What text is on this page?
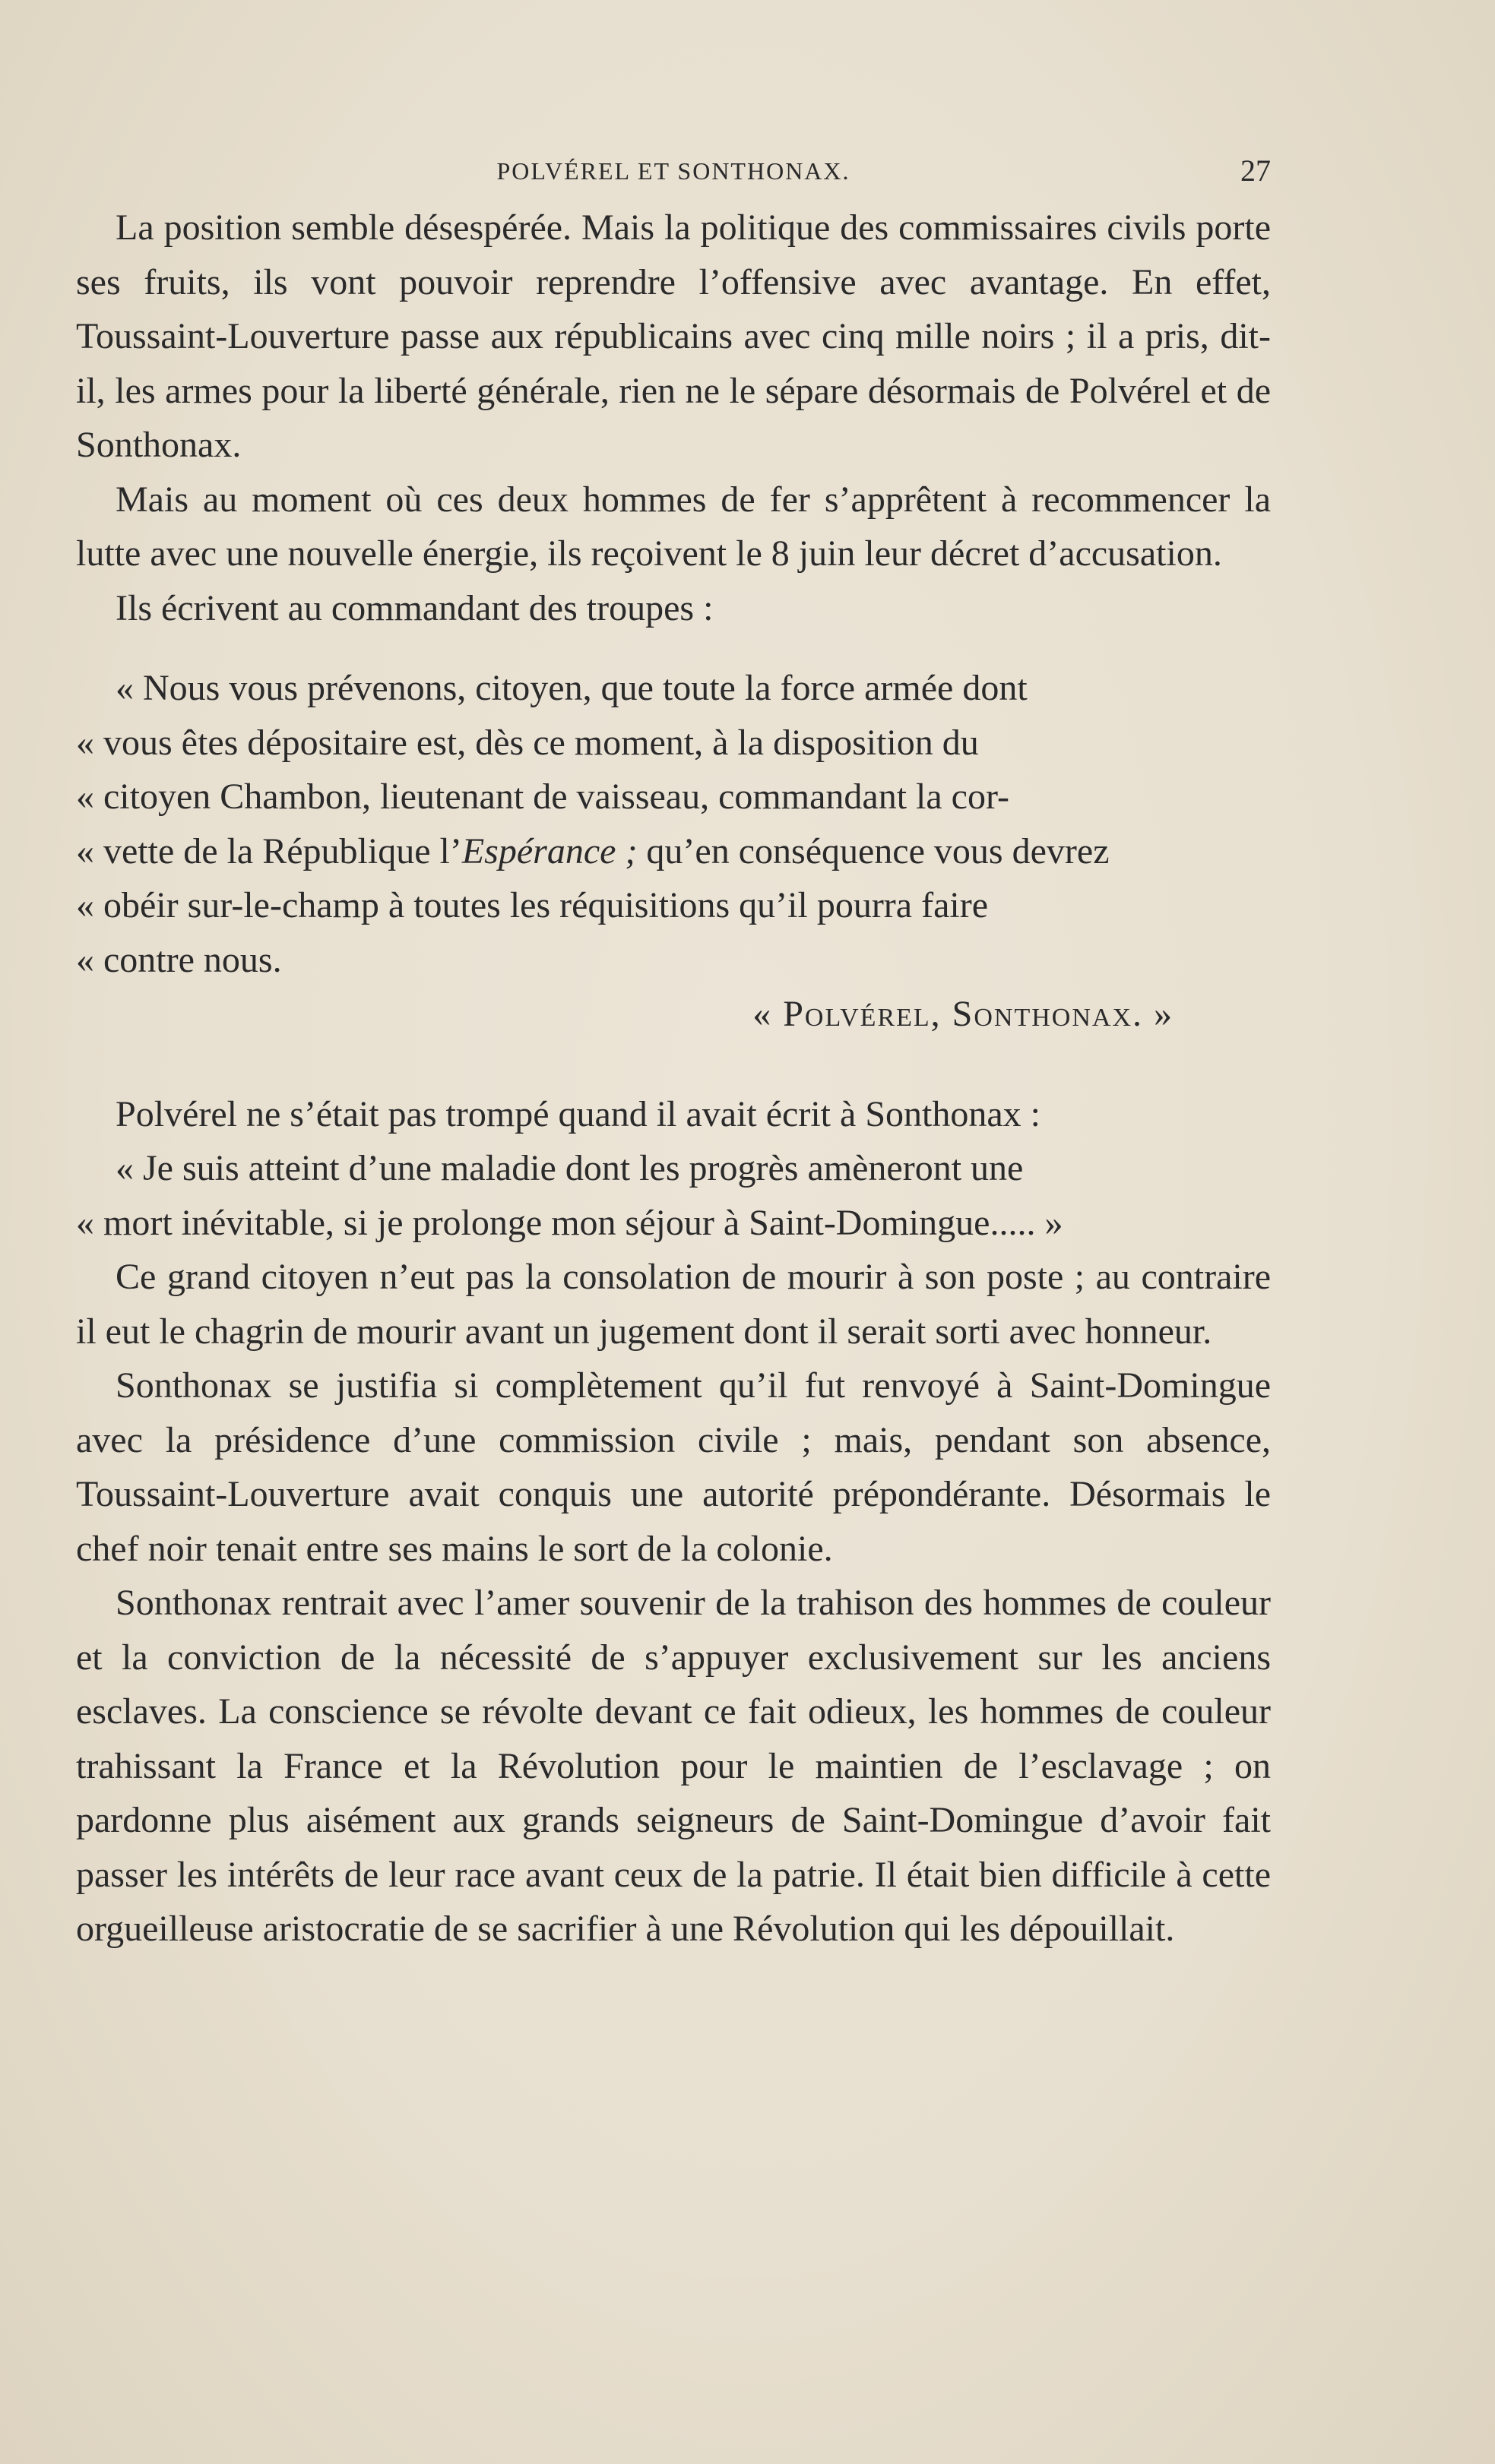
POLVÉREL ET SONTHONAX.	27

La position semble désespérée. Mais la politique des commissaires civils porte ses fruits, ils vont pouvoir reprendre l’offensive avec avantage. En effet, Toussaint-Louverture passe aux républicains avec cinq mille noirs ; il a pris, dit-il, les armes pour la liberté générale, rien ne le sépare désormais de Polvérel et de Sonthonax.

Mais au moment où ces deux hommes de fer s’apprêtent à recommencer la lutte avec une nouvelle énergie, ils reçoivent le 8 juin leur décret d’accusation.

Ils écrivent au commandant des troupes :

« Nous vous prévenons, citoyen, que toute la force armée dont

« vous êtes dépositaire est, dès ce moment, à la disposition du

« citoyen Chambon, lieutenant de vaisseau, commandant la cor-

« vette de la République l’Espérance ; qu’en conséquence vous devrez

« obéir sur-le-champ à toutes les réquisitions qu’il pourra faire

« contre nous.

« Polvérel, Sonthonax. »

Polvérel ne s’était pas trompé quand il avait écrit à Sonthonax :

« Je suis atteint d’une maladie dont les progrès amèneront une

« mort inévitable, si je prolonge mon séjour à Saint-Domingue..... »

Ce grand citoyen n’eut pas la consolation de mourir à son poste ; au contraire il eut le chagrin de mourir avant un jugement dont il serait sorti avec honneur.

Sonthonax se justifia si complètement qu’il fut renvoyé à Saint-Domingue avec la présidence d’une commission civile ; mais, pendant son absence, Toussaint-Louverture avait conquis une autorité prépondérante. Désormais le chef noir tenait entre ses mains le sort de la colonie.

Sonthonax rentrait avec l’amer souvenir de la trahison des hommes de couleur et la conviction de la nécessité de s’appuyer exclusivement sur les anciens esclaves. La conscience se révolte devant ce fait odieux, les hommes de couleur trahissant la France et la Révolution pour le maintien de l’esclavage ; on pardonne plus aisément aux grands seigneurs de Saint-Domingue d’avoir fait passer les intérêts de leur race avant ceux de la patrie. Il était bien difficile à cette orgueilleuse aristocratie de se sacrifier à une Révolution qui les dépouillait.
